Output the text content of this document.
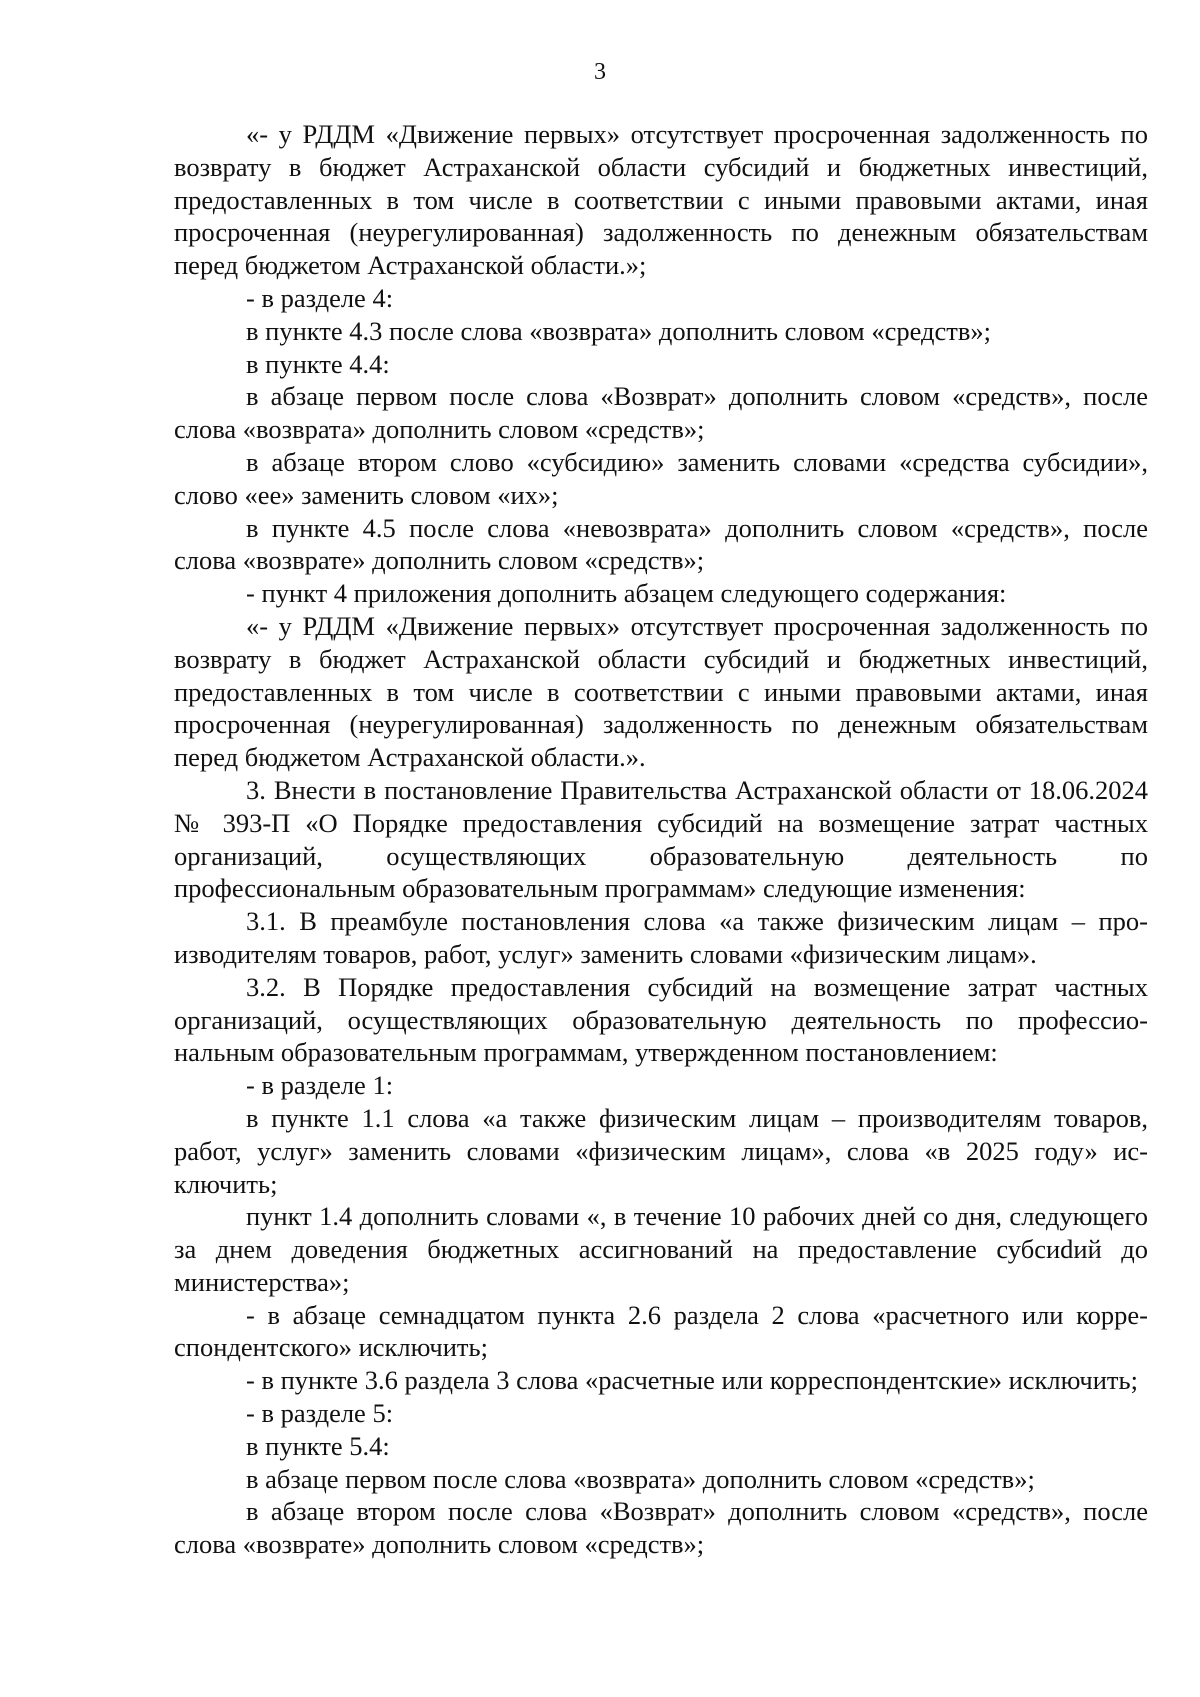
3

«- у РДДМ «Движение первых» отсутствует просроченная задолженность по возврату в бюджет Астраханской области субсидий и бюджетных инвестиций, предоставленных в том числе в соответствии с иными правовыми актами, иная просроченная (неурегулированная) задолженность по денежным обязательствам перед бюджетом Астраханской области.»;

- в разделе 4:

в пункте 4.3 после слова «возврата» дополнить словом «средств»;

в пункте 4.4:

в абзаце первом после слова «Возврат» дополнить словом «средств», после слова «возврата» дополнить словом «средств»;

в абзаце втором слово «субсидию» заменить словами «средства субсидии», слово «ее» заменить словом «их»;

в пункте 4.5 после слова «невозврата» дополнить словом «средств», после слова «возврате» дополнить словом «средств»;

- пункт 4 приложения дополнить абзацем следующего содержания:

«- у РДДМ «Движение первых» отсутствует просроченная задолженность по возврату в бюджет Астраханской области субсидий и бюджетных инвестиций, предоставленных в том числе в соответствии с иными правовыми актами, иная просроченная (неурегулированная) задолженность по денежным обязательствам перед бюджетом Астраханской области.».

3. Внести в постановление Правительства Астраханской области от 18.06.2024 № 393-П «О Порядке предоставления субсидий на возмещение затрат частных организаций, осуществляющих образовательную деятельность по профессиональным образовательным программам» следующие изменения:

3.1. В преамбуле постановления слова «а также физическим лицам – производителям товаров, работ, услуг» заменить словами «физическим лицам».

3.2. В Порядке предоставления субсидий на возмещение затрат частных организаций, осуществляющих образовательную деятельность по профессиональным образовательным программам, утвержденном постановлением:

- в разделе 1:

в пункте 1.1 слова «а также физическим лицам – производителям товаров, работ, услуг» заменить словами «физическим лицам», слова «в 2025 году» исключить;

пункт 1.4 дополнить словами «, в течение 10 рабочих дней со дня, следующего за днем доведения бюджетных ассигнований на предоставление субсиdий до министерства»;

- в абзаце семнадцатом пункта 2.6 раздела 2 слова «расчетного или корреспондентского» исключить;

- в пункте 3.6 раздела 3 слова «расчетные или корреспондентские» исключить;

- в разделе 5:

в пункте 5.4:

в абзаце первом после слова «возврата» дополнить словом «средств»;

в абзаце втором после слова «Возврат» дополнить словом «средств», после слова «возврате» дополнить словом «средств»;
